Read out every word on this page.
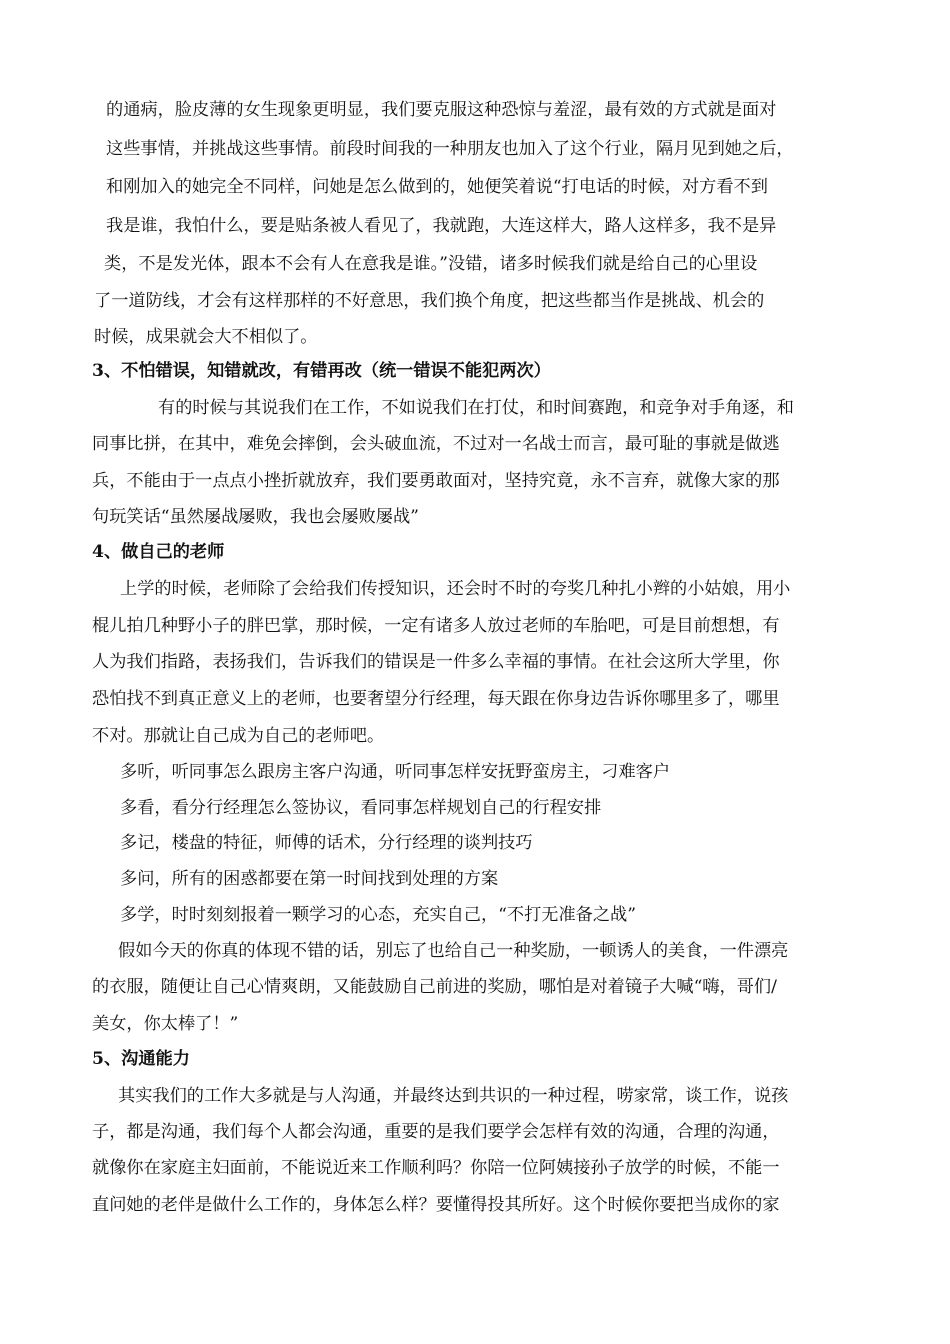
的通病，脸皮薄的女生现象更明显，我们要克服这种恐惊与羞涩，最有效的方式就是面对
这些事情，并挑战这些事情。前段时间我的一种朋友也加入了这个行业，隔月见到她之后，
和刚加入的她完全不同样，问她是怎么做到的，她便笑着说“打电话的时候，对方看不到
我是谁，我怕什么，要是贴条被人看见了，我就跑，大连这样大，路人这样多，我不是异
类，不是发光体，跟本不会有人在意我是谁。”没错，诸多时候我们就是给自己的心里设
了一道防线，才会有这样那样的不好意思，我们换个角度，把这些都当作是挑战、机会的
时候，成果就会大不相似了。
3、不怕错误，知错就改，有错再改（统一错误不能犯两次）
有的时候与其说我们在工作，不如说我们在打仗，和时间赛跑，和竞争对手角逐，和
同事比拼，在其中，难免会摔倒，会头破血流，不过对一名战士而言，最可耻的事就是做逃
兵，不能由于一点点小挫折就放弃，我们要勇敢面对，坚持究竟，永不言弃，就像大家的那
句玩笑话“虽然屡战屡败，我也会屡败屡战”
4、做自己的老师
上学的时候，老师除了会给我们传授知识，还会时不时的夸奖几种扎小辫的小姑娘，用小
棍儿拍几种野小子的胖巴掌，那时候，一定有诸多人放过老师的车胎吧，可是目前想想，有
人为我们指路，表扬我们，告诉我们的错误是一件多么幸福的事情。在社会这所大学里，你
恐怕找不到真正意义上的老师，也要奢望分行经理，每天跟在你身边告诉你哪里多了，哪里
不对。那就让自己成为自己的老师吧。
多听，听同事怎么跟房主客户沟通，听同事怎样安抚野蛮房主，刁难客户
多看，看分行经理怎么签协议，看同事怎样规划自己的行程安排
多记，楼盘的特征，师傅的话术，分行经理的谈判技巧
多问，所有的困惑都要在第一时间找到处理的方案
多学，时时刻刻报着一颗学习的心态，充实自己，“不打无准备之战”
假如今天的你真的体现不错的话，别忘了也给自己一种奖励，一顿诱人的美食，一件漂亮
的衣服，随便让自己心情爽朗，又能鼓励自己前进的奖励，哪怕是对着镜子大喊“嗨，哥们/
美女，你太棒了！”
5、沟通能力
其实我们的工作大多就是与人沟通，并最终达到共识的一种过程，唠家常，谈工作，说孩
子，都是沟通，我们每个人都会沟通，重要的是我们要学会怎样有效的沟通，合理的沟通，
就像你在家庭主妇面前，不能说近来工作顺利吗？你陪一位阿姨接孙子放学的时候，不能一
直问她的老伴是做什么工作的，身体怎么样？要懂得投其所好。这个时候你要把当成你的家
